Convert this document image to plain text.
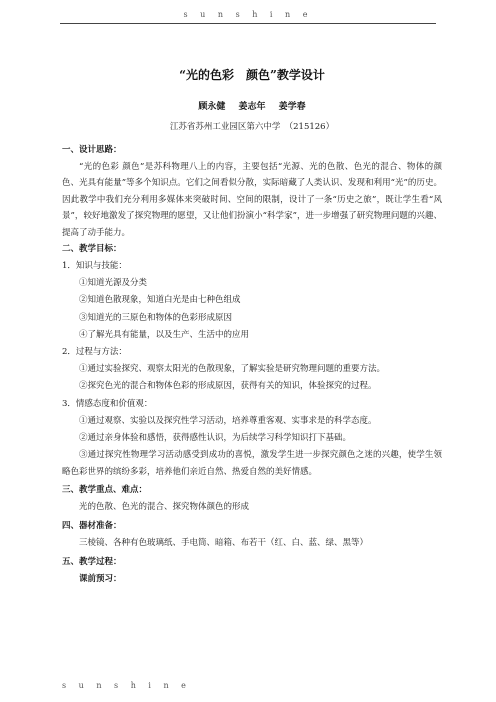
s u n s h i n e
“光的色彩　颜色”教学设计
顾永健 姜志年 姜学春
江苏省苏州工业园区第六中学　（215126）
一、设计思路：

“光的色彩 颜色”是苏科物理八上的内容，主要包括“光源、光的色散、色光的混合、物体的颜色、光具有能量”等多个知识点。它们之间看似分散，实际暗藏了人类认识、发现和利用“光”的历史。因此教学中我们充分利用多媒体来突破时间、空间的限制，设计了一条“历史之旅”，既让学生看“风景”，较好地激发了探究物理的愿望，又让他们扮演小“科学家”，进一步增强了研究物理问题的兴趣、提高了动手能力。

二、教学目标：
1．知识与技能：
①知道光源及分类
②知道色散现象，知道白光是由七种色组成
③知道光的三原色和物体的色彩形成原因
④了解光具有能量，以及生产、生活中的应用
2．过程与方法：
①通过实验探究、观察太阳光的色散现象，了解实验是研究物理问题的重要方法。
②探究色光的混合和物体色彩的形成原因，获得有关的知识，体验探究的过程。
3．情感态度和价值观：
①通过观察、实验以及探究性学习活动，培养尊重客观、实事求是的科学态度。
②通过亲身体验和感悟，获得感性认识，为后续学习科学知识打下基础。

③通过探究性物理学习活动感受到成功的喜悦，激发学生进一步探究颜色之迷的兴趣，使学生领略色彩世界的缤纷多彩，培养他们亲近自然、热爱自然的美好情感。

三、教学重点、难点：
光的色散、色光的混合、探究物体颜色的形成
四、器材准备：
三棱镜、各种有色玻璃纸、手电筒、暗箱、布若干（红、白、蓝、绿、黑等）
五、教学过程：
课前预习：
s u n s h i n e
